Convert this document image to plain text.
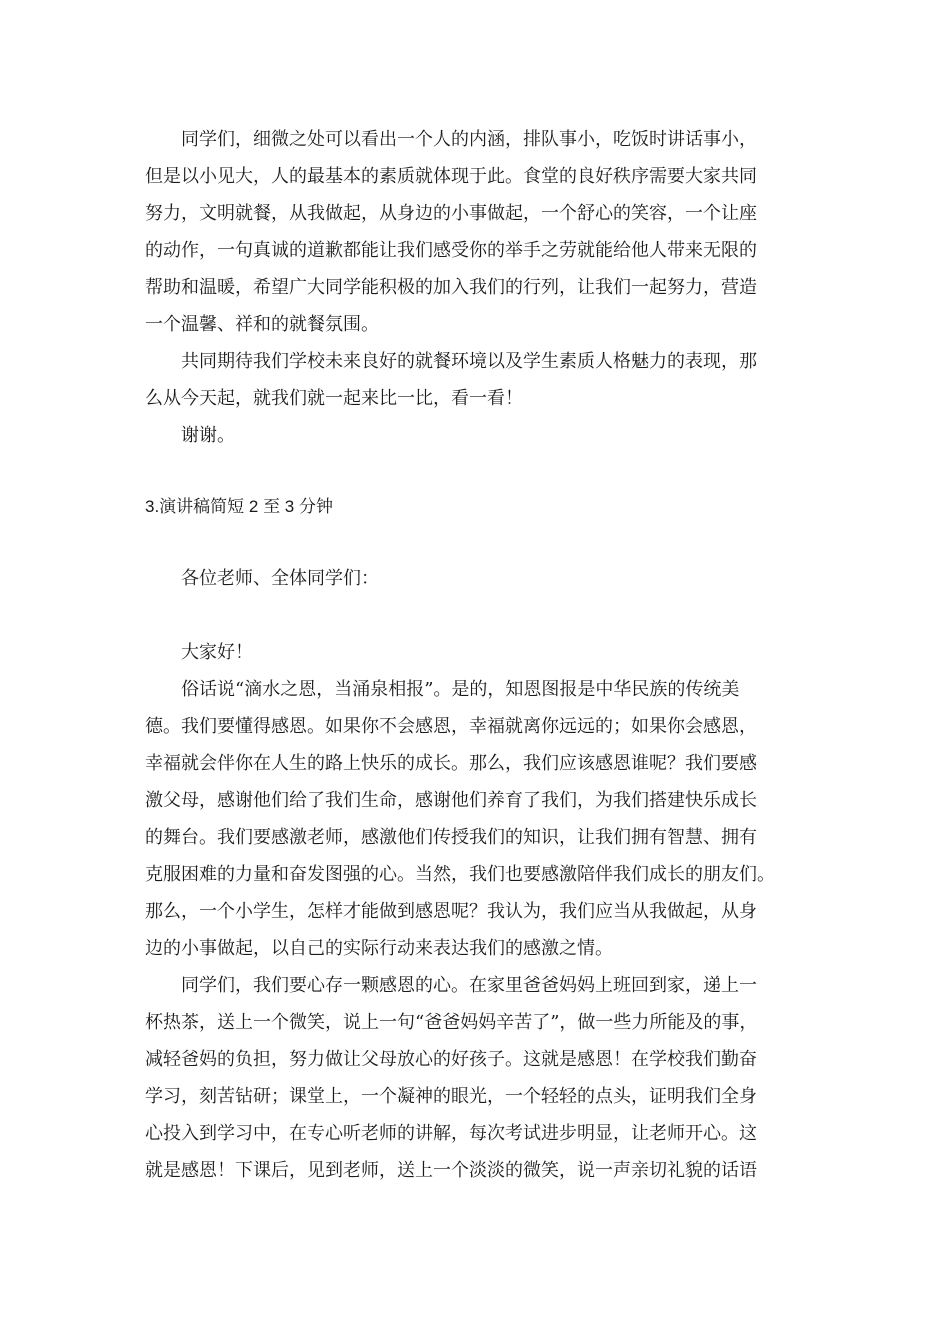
同学们，细微之处可以看出一个人的内涵，排队事小，吃饭时讲话事小，
但是以小见大，人的最基本的素质就体现于此。食堂的良好秩序需要大家共同
努力，文明就餐，从我做起，从身边的小事做起，一个舒心的笑容，一个让座
的动作，一句真诚的道歉都能让我们感受你的举手之劳就能给他人带来无限的
帮助和温暖，希望广大同学能积极的加入我们的行列，让我们一起努力，营造
一个温馨、祥和的就餐氛围。
共同期待我们学校未来良好的就餐环境以及学生素质人格魅力的表现，那
么从今天起，就我们就一起来比一比，看一看！
谢谢。
3.演讲稿简短 2 至 3 分钟
各位老师、全体同学们：
大家好！
俗话说“滴水之恩，当涌泉相报”。是的，知恩图报是中华民族的传统美
德。我们要懂得感恩。如果你不会感恩，幸福就离你远远的；如果你会感恩，
幸福就会伴你在人生的路上快乐的成长。那么，我们应该感恩谁呢？我们要感
激父母，感谢他们给了我们生命，感谢他们养育了我们，为我们搭建快乐成长
的舞台。我们要感激老师，感激他们传授我们的知识，让我们拥有智慧、拥有
克服困难的力量和奋发图强的心。当然，我们也要感激陪伴我们成长的朋友们。
那么，一个小学生，怎样才能做到感恩呢？我认为，我们应当从我做起，从身
边的小事做起，以自己的实际行动来表达我们的感激之情。
同学们，我们要心存一颗感恩的心。在家里爸爸妈妈上班回到家，递上一
杯热茶，送上一个微笑，说上一句“爸爸妈妈辛苦了”，做一些力所能及的事，
减轻爸妈的负担，努力做让父母放心的好孩子。这就是感恩！在学校我们勤奋
学习，刻苦钻研；课堂上，一个凝神的眼光，一个轻轻的点头，证明我们全身
心投入到学习中，在专心听老师的讲解，每次考试进步明显，让老师开心。这
就是感恩！下课后，见到老师，送上一个淡淡的微笑，说一声亲切礼貌的话语
